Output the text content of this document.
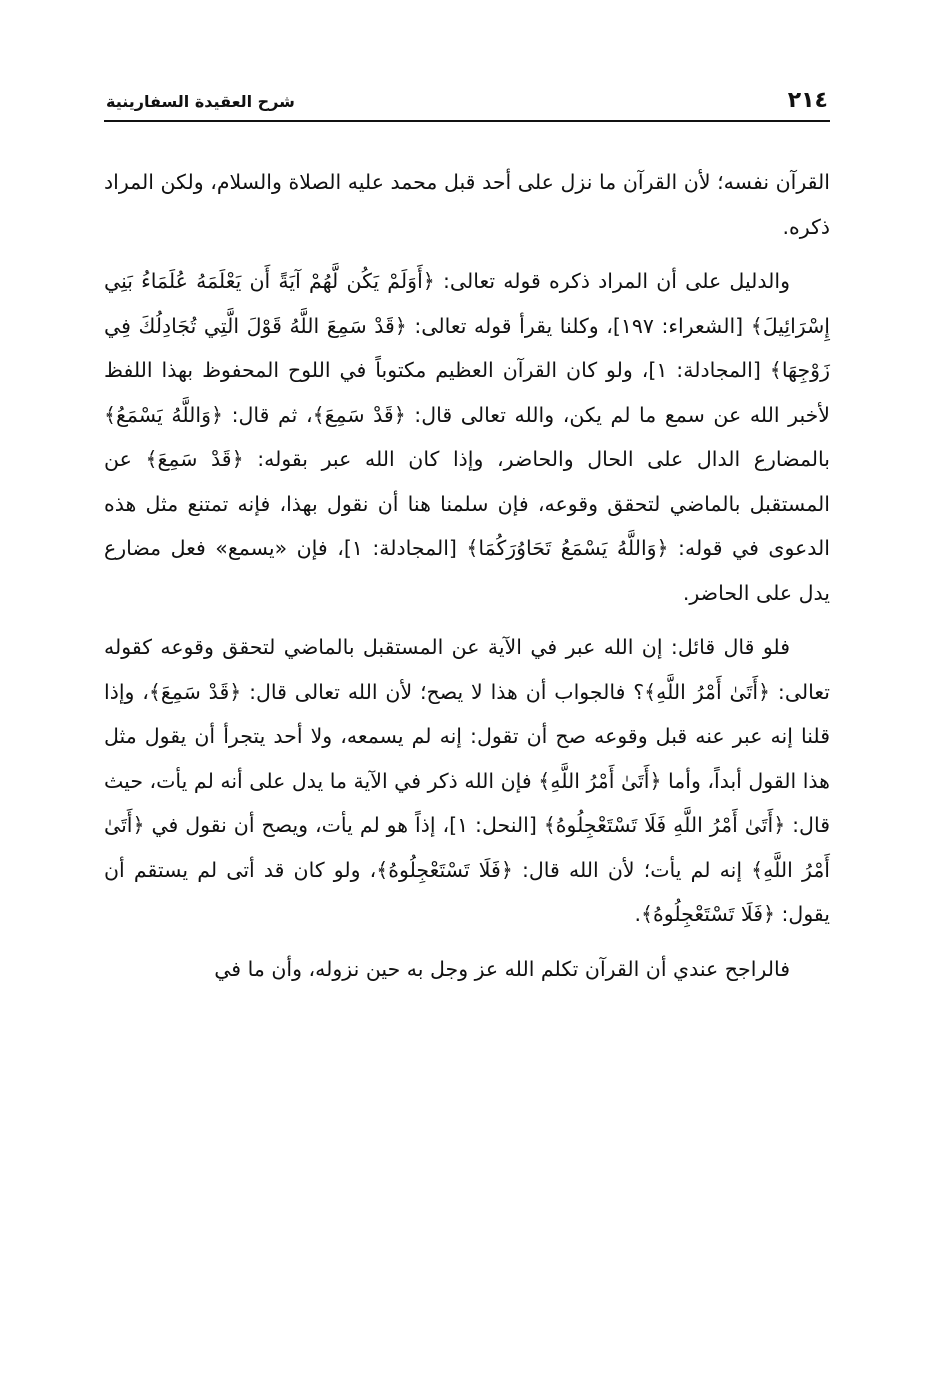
٢١٤
شرح العقيدة السفارينية

القرآن نفسه؛ لأن القرآن ما نزل على أحد قبل محمد عليه الصلاة والسلام، ولكن المراد ذكره.

والدليل على أن المراد ذكره قوله تعالى: ﴿أَوَلَمْ يَكُن لَّهُمْ آيَةً أَن يَعْلَمَهُ عُلَمَاءُ بَنِي إِسْرَائِيلَ﴾ [الشعراء: ١٩٧]، وكلنا يقرأ قوله تعالى: ﴿قَدْ سَمِعَ اللَّهُ قَوْلَ الَّتِي تُجَادِلُكَ فِي زَوْجِهَا﴾ [المجادلة: ١]، ولو كان القرآن العظيم مكتوباً في اللوح المحفوظ بهذا اللفظ لأخبر الله عن سمع ما لم يكن، والله تعالى قال: ﴿قَدْ سَمِعَ﴾، ثم قال: ﴿وَاللَّهُ يَسْمَعُ﴾ بالمضارع الدال على الحال والحاضر، وإذا كان الله عبر بقوله: ﴿قَدْ سَمِعَ﴾ عن المستقبل بالماضي لتحقق وقوعه، فإن سلمنا هنا أن نقول بهذا، فإنه تمتنع مثل هذه الدعوى في قوله: ﴿وَاللَّهُ يَسْمَعُ تَحَاوُرَكُمَا﴾ [المجادلة: ١]، فإن «يسمع» فعل مضارع يدل على الحاضر.

فلو قال قائل: إن الله عبر في الآية عن المستقبل بالماضي لتحقق وقوعه كقوله تعالى: ﴿أَتَىٰ أَمْرُ اللَّهِ﴾؟ فالجواب أن هذا لا يصح؛ لأن الله تعالى قال: ﴿قَدْ سَمِعَ﴾، وإذا قلنا إنه عبر عنه قبل وقوعه صح أن تقول: إنه لم يسمعه، ولا أحد يتجرأ أن يقول مثل هذا القول أبداً، وأما ﴿أَتَىٰ أَمْرُ اللَّهِ﴾ فإن الله ذكر في الآية ما يدل على أنه لم يأت، حيث قال: ﴿أَتَىٰ أَمْرُ اللَّهِ فَلَا تَسْتَعْجِلُوهُ﴾ [النحل: ١]، إذاً هو لم يأت، ويصح أن نقول في ﴿أَتَىٰ أَمْرُ اللَّهِ﴾ إنه لم يأت؛ لأن الله قال: ﴿فَلَا تَسْتَعْجِلُوهُ﴾، ولو كان قد أتى لم يستقم أن يقول: ﴿فَلَا تَسْتَعْجِلُوهُ﴾.

فالراجح عندي أن القرآن تكلم الله عز وجل به حين نزوله، وأن ما في
